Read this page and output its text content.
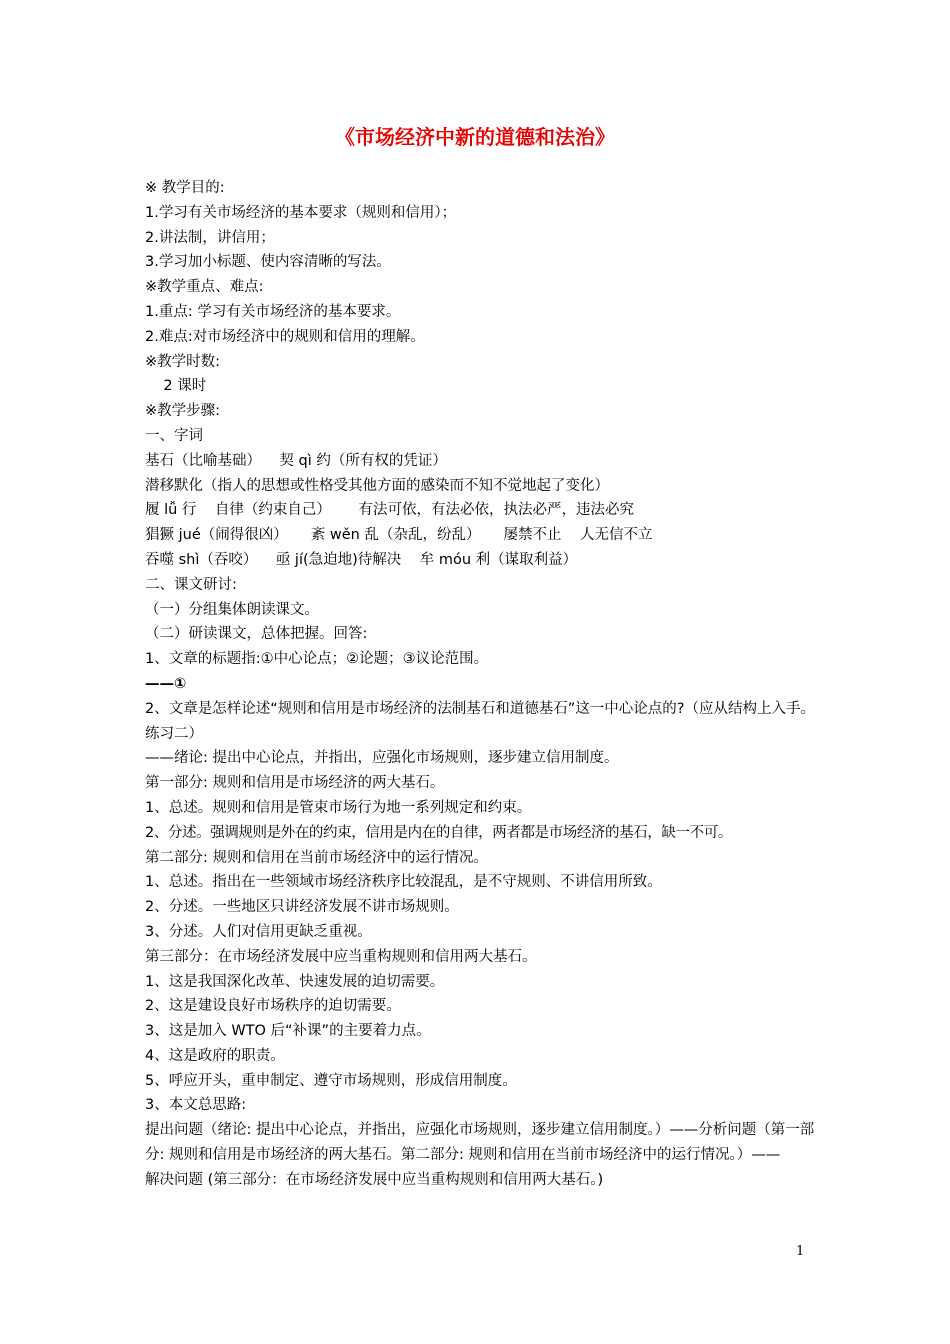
《市场经济中新的道德和法治》
※ 教学目的:
1.学习有关市场经济的基本要求（规则和信用）；
2.讲法制，讲信用；
3.学习加小标题、使内容清晰的写法。
※教学重点、难点:
1.重点: 学习有关市场经济的基本要求。
2.难点:对市场经济中的规则和信用的理解。
※教学时数:
2 课时
※教学步骤:
一、字词
基石（比喻基础）    契 qì 约（所有权的凭证）
潜移默化（指人的思想或性格受其他方面的感染而不知不觉地起了变化）
履 lǚ 行    自律（约束自己）      有法可依，有法必依，执法必严，违法必究
猖獗 jué（闹得很凶）     紊 wěn 乱（杂乱，纷乱）     屡禁不止    人无信不立
吞噬 shì（吞咬）    亟 jí(急迫地)待解决    牟 móu 利（谋取利益）
二、课文研讨:
（一）分组集体朗读课文。
（二）研读课文，总体把握。回答:
1、文章的标题指:①中心论点；②论题；③议论范围。
——①
2、文章是怎样论述“规则和信用是市场经济的法制基石和道德基石”这一中心论点的?（应从结构上入手。练习二）
——绪论: 提出中心论点，并指出，应强化市场规则，逐步建立信用制度。
第一部分: 规则和信用是市场经济的两大基石。
1、总述。规则和信用是管束市场行为地一系列规定和约束。
2、分述。强调规则是外在的约束，信用是内在的自律，两者都是市场经济的基石，缺一不可。
第二部分: 规则和信用在当前市场经济中的运行情况。
1、总述。指出在一些领域市场经济秩序比较混乱，是不守规则、不讲信用所致。
2、分述。一些地区只讲经济发展不讲市场规则。
3、分述。人们对信用更缺乏重视。
第三部分：在市场经济发展中应当重构规则和信用两大基石。
1、这是我国深化改革、快速发展的迫切需要。
2、这是建设良好市场秩序的迫切需要。
3、这是加入 WTO 后“补课”的主要着力点。
4、这是政府的职责。
5、呼应开头，重申制定、遵守市场规则，形成信用制度。
3、本文总思路:
提出问题（绪论: 提出中心论点，并指出，应强化市场规则，逐步建立信用制度。）——分析问题（第一部分: 规则和信用是市场经济的两大基石。第二部分: 规则和信用在当前市场经济中的运行情况。）——
解决问题 (第三部分：在市场经济发展中应当重构规则和信用两大基石。)
1
